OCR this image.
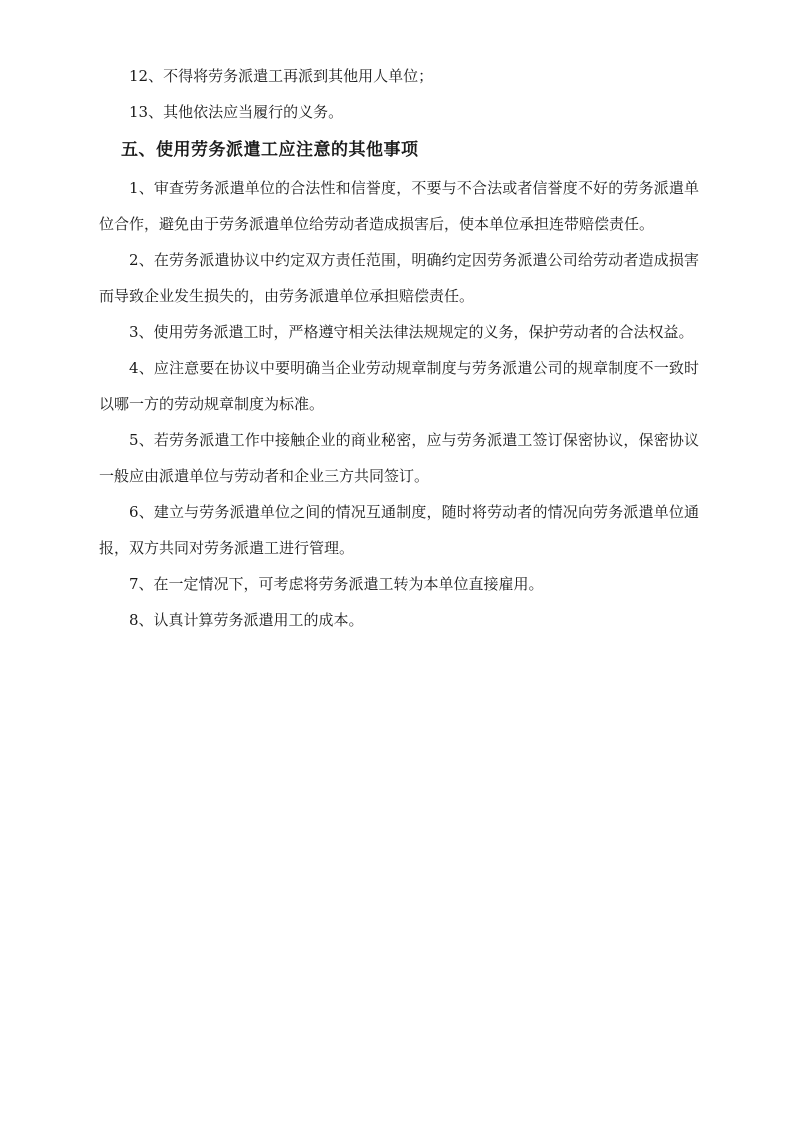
12、不得将劳务派遣工再派到其他用人单位；

13、其他依法应当履行的义务。

五、使用劳务派遣工应注意的其他事项

1、审查劳务派遣单位的合法性和信誉度，不要与不合法或者信誉度不好的劳务派遣单位合作，避免由于劳务派遣单位给劳动者造成损害后，使本单位承担连带赔偿责任。

2、在劳务派遣协议中约定双方责任范围，明确约定因劳务派遣公司给劳动者造成损害而导致企业发生损失的，由劳务派遣单位承担赔偿责任。

3、使用劳务派遣工时，严格遵守相关法律法规规定的义务，保护劳动者的合法权益。

4、应注意要在协议中要明确当企业劳动规章制度与劳务派遣公司的规章制度不一致时以哪一方的劳动规章制度为标准。

5、若劳务派遣工作中接触企业的商业秘密，应与劳务派遣工签订保密协议，保密协议一般应由派遣单位与劳动者和企业三方共同签订。

6、建立与劳务派遣单位之间的情况互通制度，随时将劳动者的情况向劳务派遣单位通报，双方共同对劳务派遣工进行管理。

7、在一定情况下，可考虑将劳务派遣工转为本单位直接雇用。

8、认真计算劳务派遣用工的成本。
